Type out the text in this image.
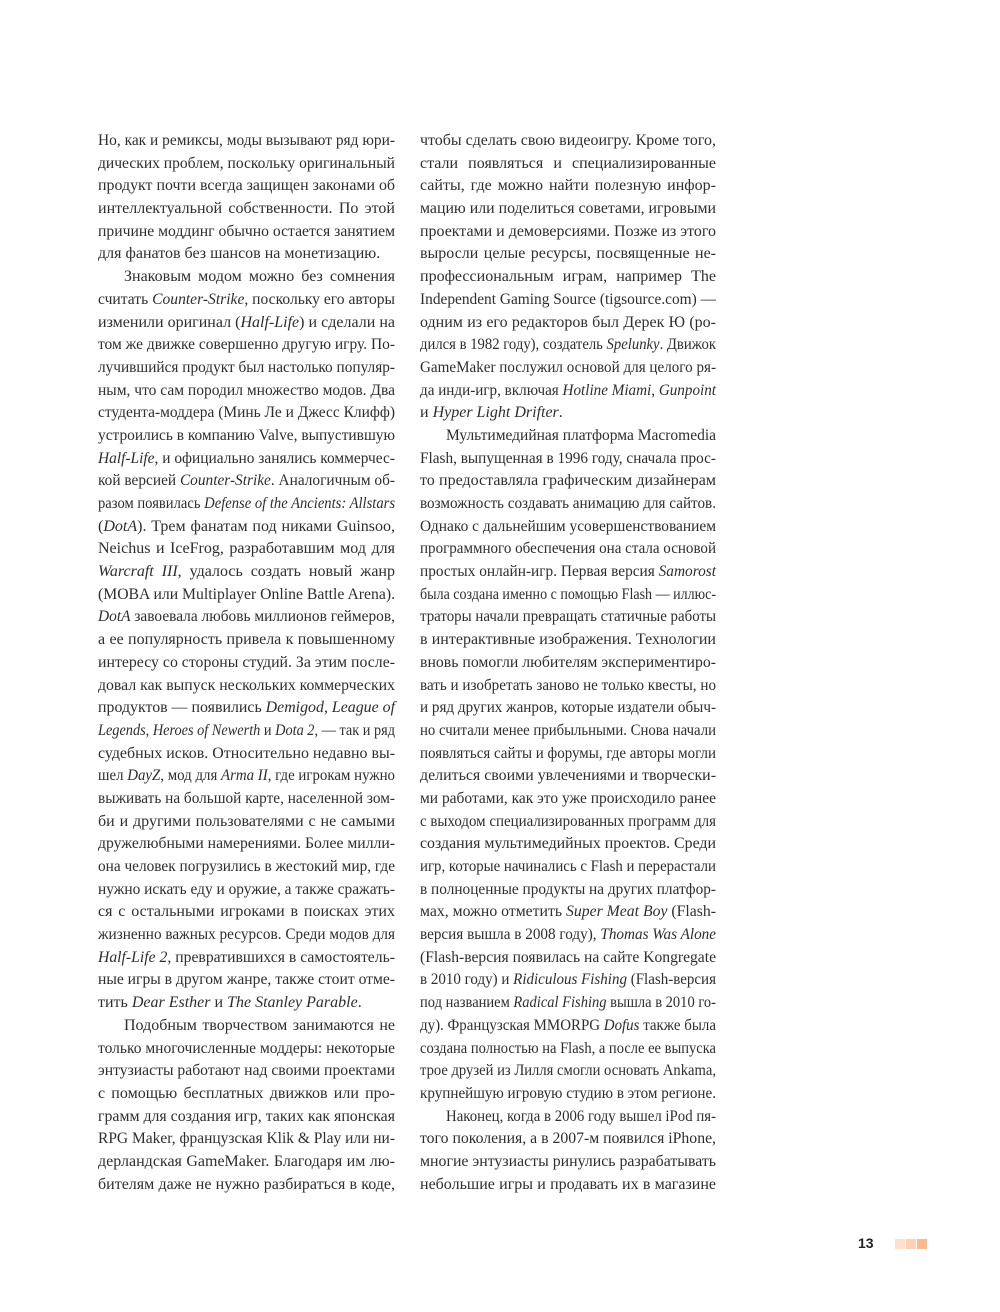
Но, как и ремиксы, моды вызывают ряд юри-
дических проблем, поскольку оригинальный
продукт почти всегда защищен законами об
интеллектуальной собственности. По этой
причине моддинг обычно остается занятием
для фанатов без шансов на монетизацию.
Знаковым модом можно без сомнения
считать Counter-Strike, поскольку его авторы
изменили оригинал (Half-Life) и сделали на
том же движке совершенно другую игру. По-
лучившийся продукт был настолько популяр-
ным, что сам породил множество модов. Два
студента-моддера (Минь Ле и Джесс Клифф)
устроились в компанию Valve, выпустившую
Half-Life, и официально занялись коммерчес-
кой версией Counter-Strike. Аналогичным об-
разом появилась Defense of the Ancients: Allstars
(DotA). Трем фанатам под никами Guinsoo,
Neichus и IceFrog, разработавшим мод для
Warcraft III, удалось создать новый жанр
(MOBA или Multiplayer Online Battle Arena).
DotA завоевала любовь миллионов геймеров,
а ее популярность привела к повышенному
интересу со стороны студий. За этим после-
довал как выпуск нескольких коммерческих
продуктов — появились Demigod, League of
Legends, Heroes of Newerth и Dota 2, — так и ряд
судебных исков. Относительно недавно вы-
шел DayZ, мод для Arma II, где игрокам нужно
выживать на большой карте, населенной зом-
би и другими пользователями с не самыми
дружелюбными намерениями. Более милли-
она человек погрузились в жестокий мир, где
нужно искать еду и оружие, а также сражать-
ся с остальными игроками в поисках этих
жизненно важных ресурсов. Среди модов для
Half-Life 2, превратившихся в самостоятель-
ные игры в другом жанре, также стоит отме-
тить Dear Esther и The Stanley Parable.
Подобным творчеством занимаются не
только многочисленные моддеры: некоторые
энтузиасты работают над своими проектами
с помощью бесплатных движков или про-
грамм для создания игр, таких как японская
RPG Maker, французская Klik & Play или ни-
дерландская GameMaker. Благодаря им лю-
бителям даже не нужно разбираться в коде,
чтобы сделать свою видеоигру. Кроме того,
стали появляться и специализированные
сайты, где можно найти полезную инфор-
мацию или поделиться советами, игровыми
проектами и демоверсиями. Позже из этого
выросли целые ресурсы, посвященные не-
профессиональным играм, например The
Independent Gaming Source (tigsource.com) —
одним из его редакторов был Дерек Ю (ро-
дился в 1982 году), создатель Spelunky. Движок
GameMaker послужил основой для целого ря-
да инди-игр, включая Hotline Miami, Gunpoint
и Hyper Light Drifter.
Мультимедийная платформа Macromedia
Flash, выпущенная в 1996 году, сначала прос-
то предоставляла графическим дизайнерам
возможность создавать анимацию для сайтов.
Однако с дальнейшим усовершенствованием
программного обеспечения она стала основой
простых онлайн-игр. Первая версия Samorost
была создана именно с помощью Flash — иллюс-
траторы начали превращать статичные работы
в интерактивные изображения. Технологии
вновь помогли любителям экспериментиро-
вать и изобретать заново не только квесты, но
и ряд других жанров, которые издатели обыч-
но считали менее прибыльными. Снова начали
появляться сайты и форумы, где авторы могли
делиться своими увлечениями и творчески-
ми работами, как это уже происходило ранее
с выходом специализированных программ для
создания мультимедийных проектов. Среди
игр, которые начинались с Flash и перерастали
в полноценные продукты на других платфор-
мах, можно отметить Super Meat Boy (Flash-
версия вышла в 2008 году), Thomas Was Alone
(Flash-версия появилась на сайте Kongregate
в 2010 году) и Ridiculous Fishing (Flash-версия
под названием Radical Fishing вышла в 2010 го-
ду). Французская MMORPG Dofus также была
создана полностью на Flash, а после ее выпуска
трое друзей из Лилля смогли основать Ankama,
крупнейшую игровую студию в этом регионе.
Наконец, когда в 2006 году вышел iPod пя-
того поколения, а в 2007-м появился iPhone,
многие энтузиасты ринулись разрабатывать
небольшие игры и продавать их в магазине
13
